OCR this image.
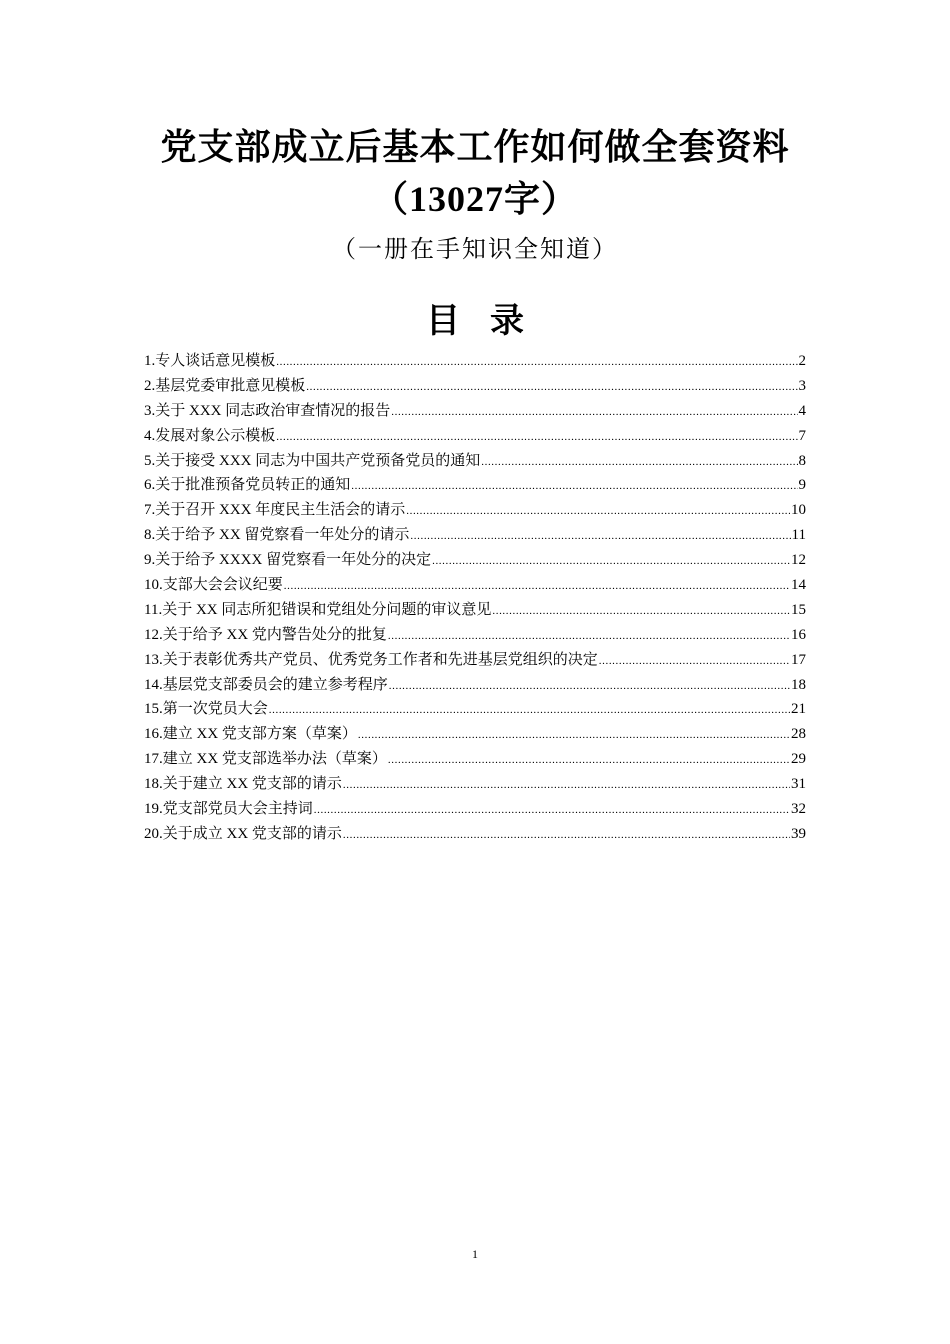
党支部成立后基本工作如何做全套资料
（13027字）
（一册在手知识全知道）
目 录
1.专人谈话意见模板 .....	2
2.基层党委审批意见模板 .....	3
3.关于 XXX 同志政治审查情况的报告 .....	4
4.发展对象公示模板 .....	7
5.关于接受 XXX 同志为中国共产党预备党员的通知 .....	8
6.关于批准预备党员转正的通知 .....	9
7.关于召开 XXX 年度民主生活会的请示 .....	10
8.关于给予 XX 留党察看一年处分的请示 .....	11
9.关于给予 XXXX 留党察看一年处分的决定 .....	12
10.支部大会会议纪要 .....	14
11.关于 XX 同志所犯错误和党组处分问题的审议意见 .....	15
12.关于给予 XX 党内警告处分的批复 .....	16
13.关于表彰优秀共产党员、优秀党务工作者和先进基层党组织的决定 .....	17
14.基层党支部委员会的建立参考程序 .....	18
15.第一次党员大会 .....	21
16.建立 XX 党支部方案（草案） .....	28
17.建立 XX 党支部选举办法（草案） .....	29
18.关于建立 XX 党支部的请示 .....	31
19.党支部党员大会主持词 .....	32
20.关于成立 XX 党支部的请示 .....	39
1
